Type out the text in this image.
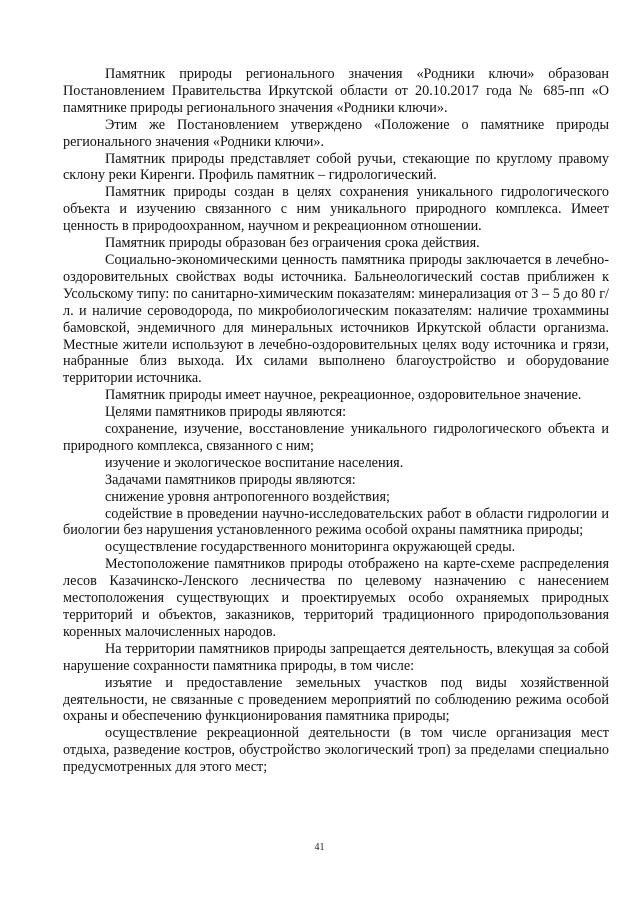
Памятник природы регионального значения «Родники ключи» образован Постановлением Правительства Иркутской области от 20.10.2017 года № 685-пп «О памятнике природы регионального значения «Родники ключи».

Этим же Постановлением утверждено «Положение о памятнике природы регионального значения «Родники ключи».

Памятник природы представляет собой ручьи, стекающие по круглому правому склону реки Киренги. Профиль памятник – гидрологический.

Памятник природы создан в целях сохранения уникального гидрологического объекта и изучению связанного с ним уникального природного комплекса. Имеет ценность в природоохранном, научном и рекреационном отношении.

Памятник природы образован без ограичения срока действия.

Социально-экономическими ценность памятника природы заключается в лечебно-оздоровительных свойствах воды источника. Бальнеологический состав приближен к Усольскому типу: по санитарно-химическим показателям: минерализация от 3 – 5 до 80 г/л. и наличие сероводорода, по микробиологическим показателям: наличие трохаммины бамовской, эндемичного для минеральных источников Иркутской области организма. Местные жители используют в лечебно-оздоровительных целях воду источника и грязи, набранные близ выхода. Их силами выполнено благоустройство и оборудование территории источника.

Памятник природы имеет научное, рекреационное, оздоровительное значение.

Целями памятников природы являются:

сохранение, изучение, восстановление уникального гидрологического объекта и природного комплекса, связанного с ним;

изучение и экологическое воспитание населения.

Задачами памятников природы являются:

снижение уровня антропогенного воздействия;

содействие в проведении научно-исследовательских работ в области гидрологии и биологии без нарушения установленного режима особой охраны памятника природы;

осуществление государственного мониторинга окружающей среды.

Местоположение памятников природы отображено на карте-схеме распределения лесов Казачинско-Ленского лесничества по целевому назначению с нанесением местоположения существующих и проектируемых особо охраняемых природных территорий и объектов, заказников, территорий традиционного природопользования коренных малочисленных народов.

На территории памятников природы запрещается деятельность, влекущая за собой нарушение сохранности памятника природы, в том числе:

изъятие и предоставление земельных участков под виды хозяйственной деятельности, не связанные с проведением мероприятий по соблюдению режима особой охраны и обеспечению функционирования памятника природы;

осуществление рекреационной деятельности (в том числе организация мест отдыха, разведение костров, обустройство экологический троп) за пределами специально предусмотренных для этого мест;

41
